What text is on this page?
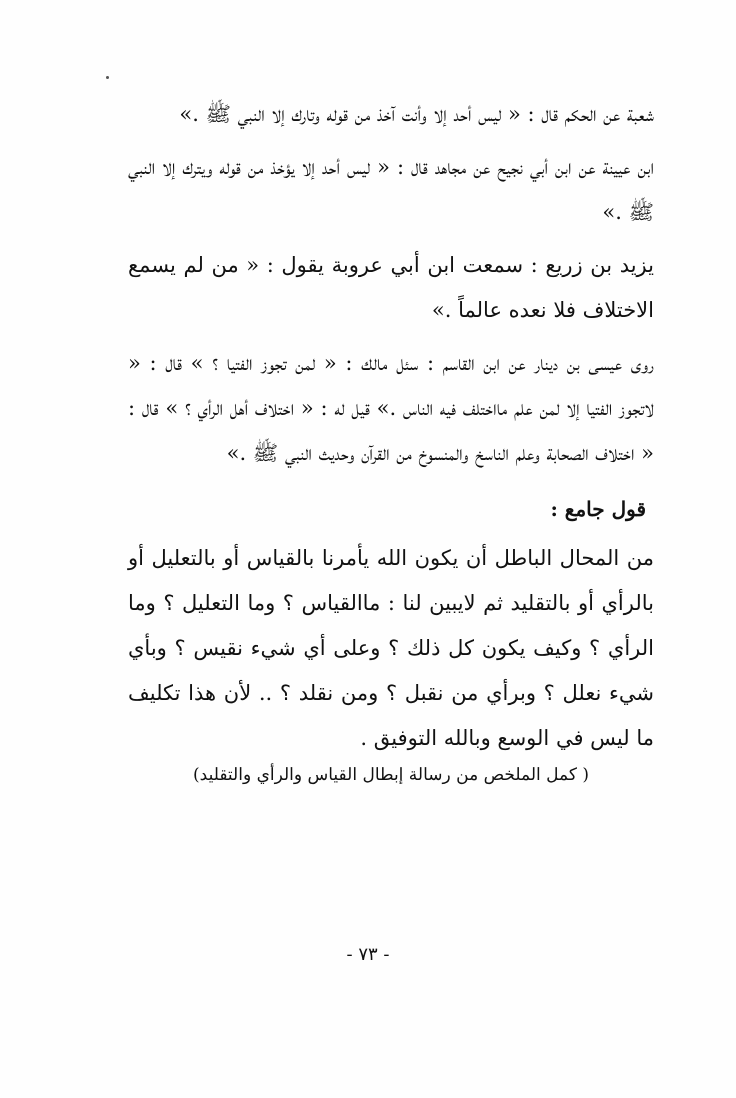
شعبة عن الحكم قال : « ليس أحد إلا وأنت آخذ من قوله وتارك إلا النبي ﷺ .»

ابن عيينة عن ابن أبي نجيح عن مجاهد قال : « ليس أحد إلا يؤخذ من قوله ويترك إلا النبي ﷺ .»

يزيد بن زريع : سمعت ابن أبي عروبة يقول : « من لم يسمع الاختلاف فلا نعده عالماً .»

روى عيسى بن دينار عن ابن القاسم : سئل مالك : « لمن تجوز الفتيا ؟ » قال : « لاتجوز الفتيا إلا لمن علم مااختلف فيه الناس .» قيل له : « اختلاف أهل الرأي ؟ » قال : « اختلاف الصحابة وعلم الناسخ والمنسوخ من القرآن وحديث النبي ﷺ .»

قول جامع :

من المحال الباطل أن يكون الله يأمرنا بالقياس أو بالتعليل أو بالرأي أو بالتقليد ثم لايبين لنا : ماالقياس ؟ وما التعليل ؟ وما الرأي ؟ وكيف يكون كل ذلك ؟ وعلى أي شيء نقيس ؟ وبأي شيء نعلل ؟ وبرأي من نقبل ؟ ومن نقلد ؟ .. لأن هذا تكليف ما ليس في الوسع وبالله التوفيق .

( كمل الملخص من رسالة إبطال القياس والرأي والتقليد)

- ٧٣ -
